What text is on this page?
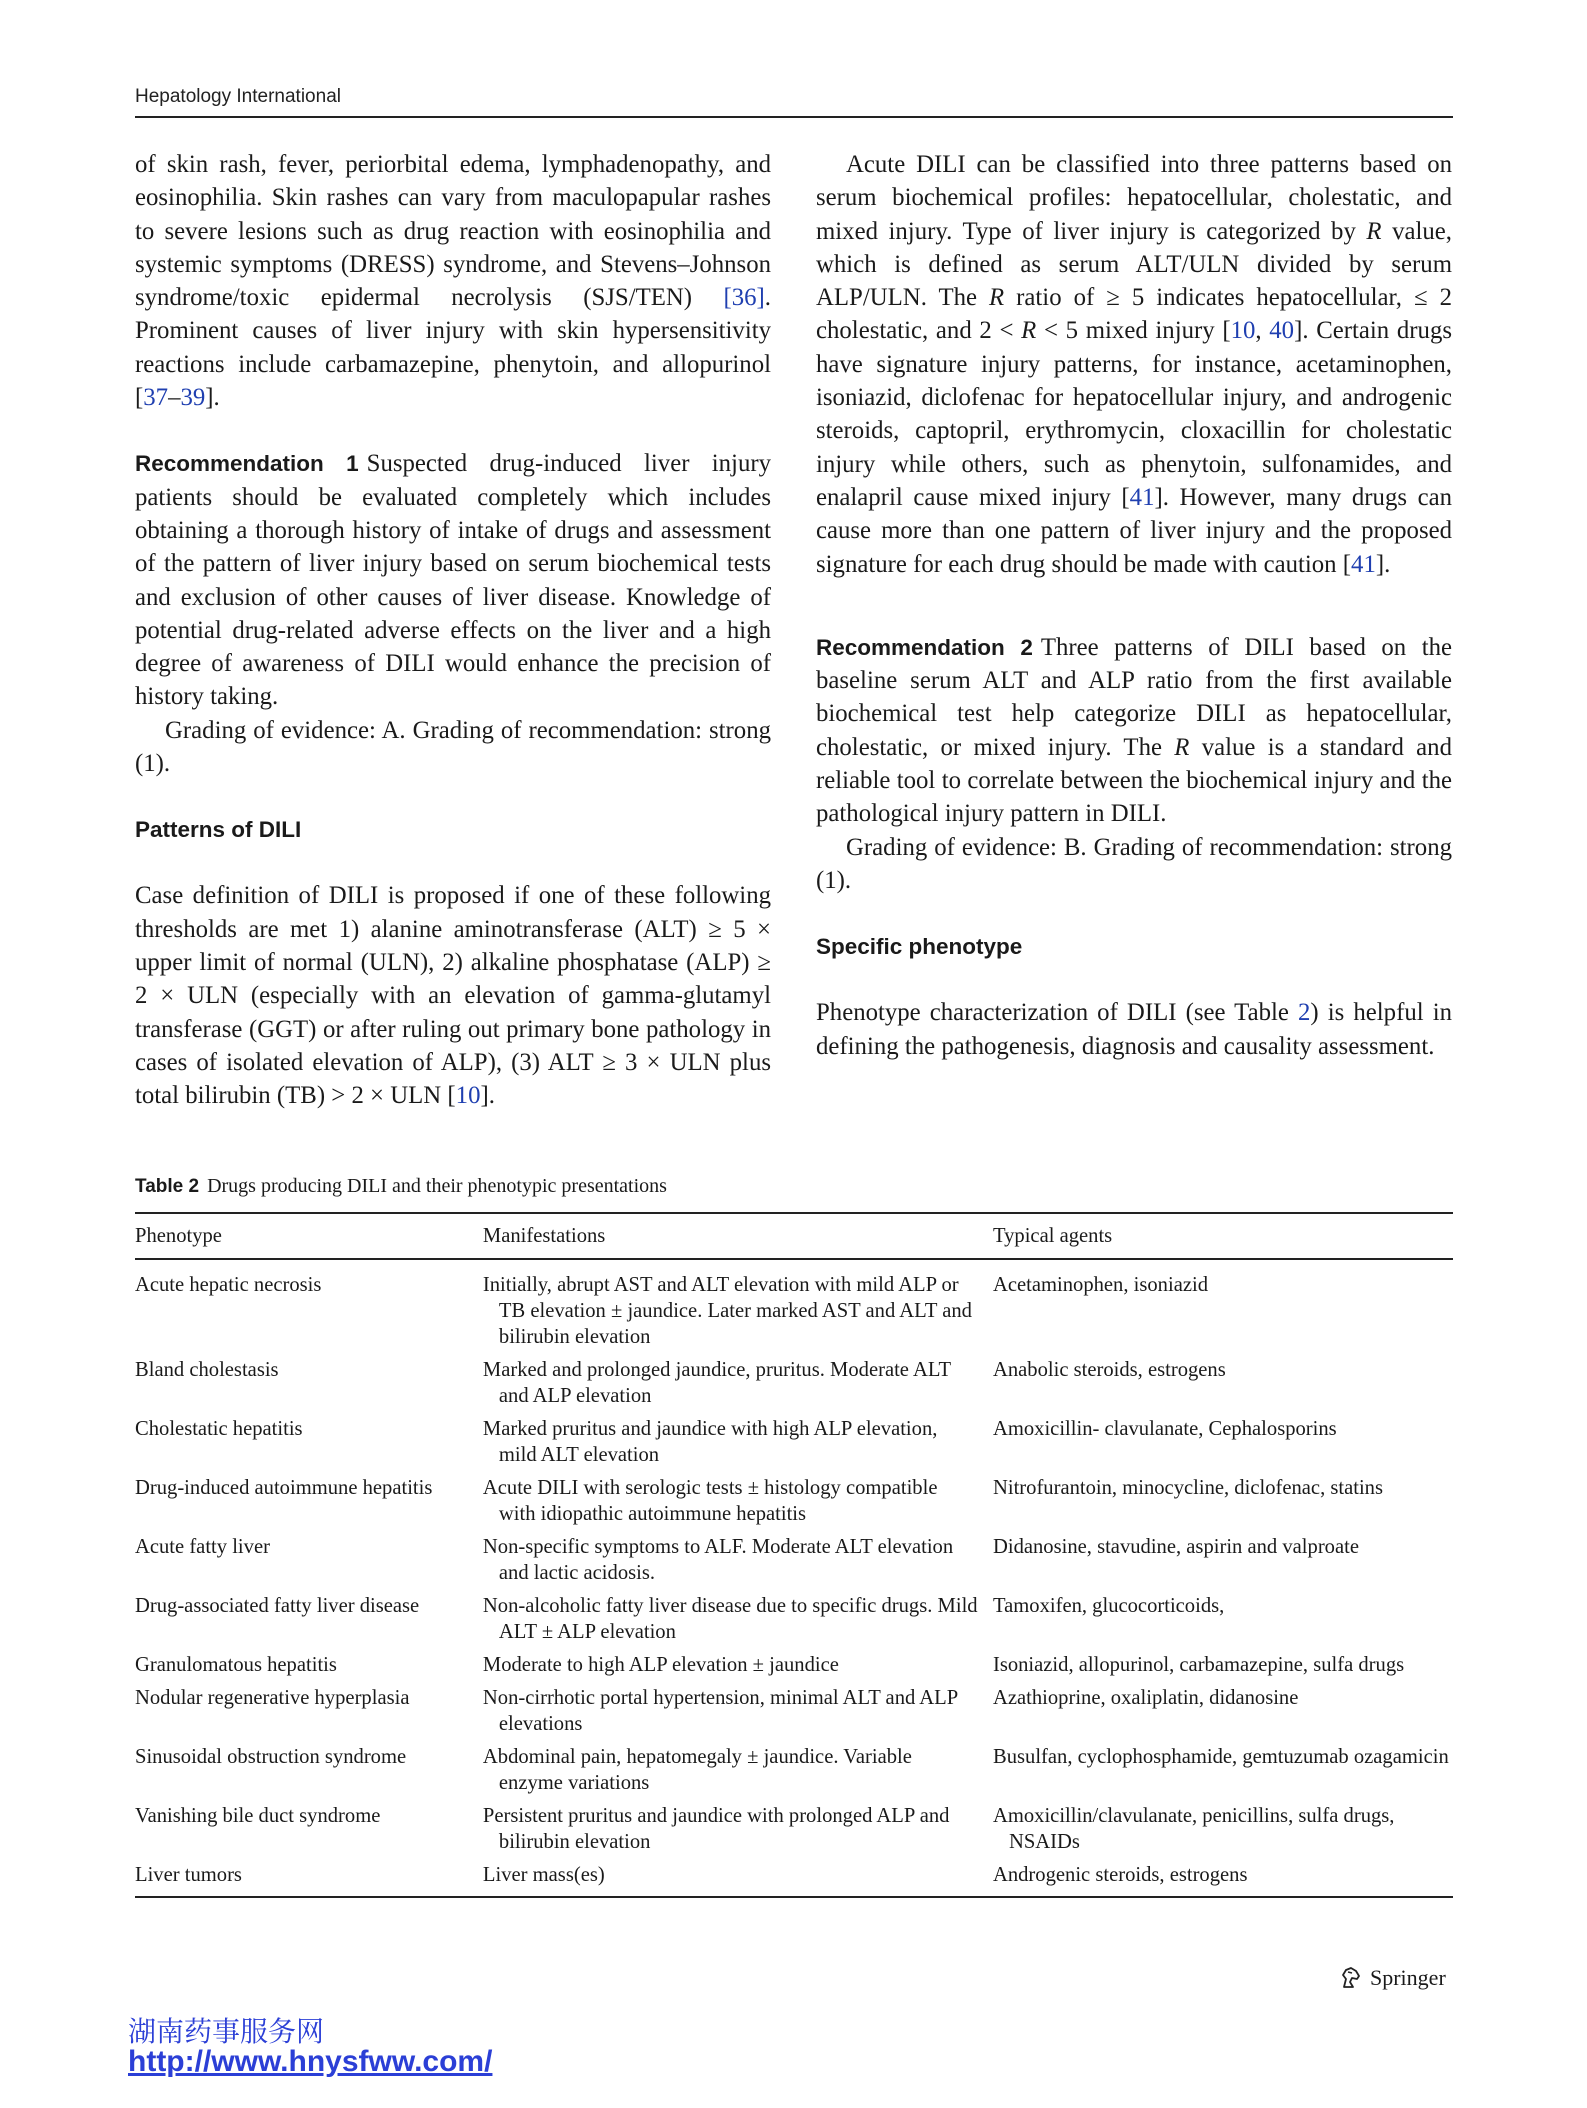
Hepatology International

of skin rash, fever, periorbital edema, lymphadenopathy, and eosinophilia. Skin rashes can vary from maculopapular rashes to severe lesions such as drug reaction with eosinophilia and systemic symptoms (DRESS) syndrome, and Stevens–Johnson syndrome/toxic epidermal necrolysis (SJS/TEN) [36]. Prominent causes of liver injury with skin hypersensitivity reactions include carbamazepine, phenytoin, and allopurinol [37–39].

Recommendation 1 Suspected drug-induced liver injury patients should be evaluated completely which includes obtaining a thorough history of intake of drugs and assessment of the pattern of liver injury based on serum biochemical tests and exclusion of other causes of liver disease. Knowledge of potential drug-related adverse effects on the liver and a high degree of awareness of DILI would enhance the precision of history taking.

Grading of evidence: A. Grading of recommendation: strong (1).

Patterns of DILI

Case definition of DILI is proposed if one of these following thresholds are met 1) alanine aminotransferase (ALT) ≥ 5 × upper limit of normal (ULN), 2) alkaline phosphatase (ALP) ≥ 2 × ULN (especially with an elevation of gamma-glutamyl transferase (GGT) or after ruling out primary bone pathology in cases of isolated elevation of ALP), (3) ALT ≥ 3 × ULN plus total bilirubin (TB) > 2 × ULN [10].

Acute DILI can be classified into three patterns based on serum biochemical profiles: hepatocellular, cholestatic, and mixed injury. Type of liver injury is categorized by R value, which is defined as serum ALT/ULN divided by serum ALP/ULN. The R ratio of ≥ 5 indicates hepatocellular, ≤ 2 cholestatic, and 2 < R < 5 mixed injury [10, 40]. Certain drugs have signature injury patterns, for instance, acetaminophen, isoniazid, diclofenac for hepatocellular injury, and androgenic steroids, captopril, erythromycin, cloxacillin for cholestatic injury while others, such as phenytoin, sulfonamides, and enalapril cause mixed injury [41]. However, many drugs can cause more than one pattern of liver injury and the proposed signature for each drug should be made with caution [41].

Recommendation 2 Three patterns of DILI based on the baseline serum ALT and ALP ratio from the first available biochemical test help categorize DILI as hepatocellular, cholestatic, or mixed injury. The R value is a standard and reliable tool to correlate between the biochemical injury and the pathological injury pattern in DILI.

Grading of evidence: B. Grading of recommendation: strong (1).

Specific phenotype

Phenotype characterization of DILI (see Table 2) is helpful in defining the pathogenesis, diagnosis and causality assessment.

Table 2 Drugs producing DILI and their phenotypic presentations
Phenotype	Manifestations	Typical agents
Acute hepatic necrosis	Initially, abrupt AST and ALT elevation with mild ALP or TB elevation ± jaundice. Later marked AST and ALT and bilirubin elevation	Acetaminophen, isoniazid
Bland cholestasis	Marked and prolonged jaundice, pruritus. Moderate ALT and ALP elevation	Anabolic steroids, estrogens
Cholestatic hepatitis	Marked pruritus and jaundice with high ALP elevation, mild ALT elevation	Amoxicillin- clavulanate, Cephalosporins
Drug-induced autoimmune hepatitis	Acute DILI with serologic tests ± histology compatible with idiopathic autoimmune hepatitis	Nitrofurantoin, minocycline, diclofenac, statins
Acute fatty liver	Non-specific symptoms to ALF. Moderate ALT elevation and lactic acidosis.	Didanosine, stavudine, aspirin and valproate
Drug-associated fatty liver disease	Non-alcoholic fatty liver disease due to specific drugs. Mild ALT ± ALP elevation	Tamoxifen, glucocorticoids,
Granulomatous hepatitis	Moderate to high ALP elevation ± jaundice	Isoniazid, allopurinol, carbamazepine, sulfa drugs
Nodular regenerative hyperplasia	Non-cirrhotic portal hypertension, minimal ALT and ALP elevations	Azathioprine, oxaliplatin, didanosine
Sinusoidal obstruction syndrome	Abdominal pain, hepatomegaly ± jaundice. Variable enzyme variations	Busulfan, cyclophosphamide, gemtuzumab ozagamicin
Vanishing bile duct syndrome	Persistent pruritus and jaundice with prolonged ALP and bilirubin elevation	Amoxicillin/clavulanate, penicillins, sulfa drugs, NSAIDs
Liver tumors	Liver mass(es)	Androgenic steroids, estrogens
Springer
湖南药事服务网
http://www.hnysfww.com/
